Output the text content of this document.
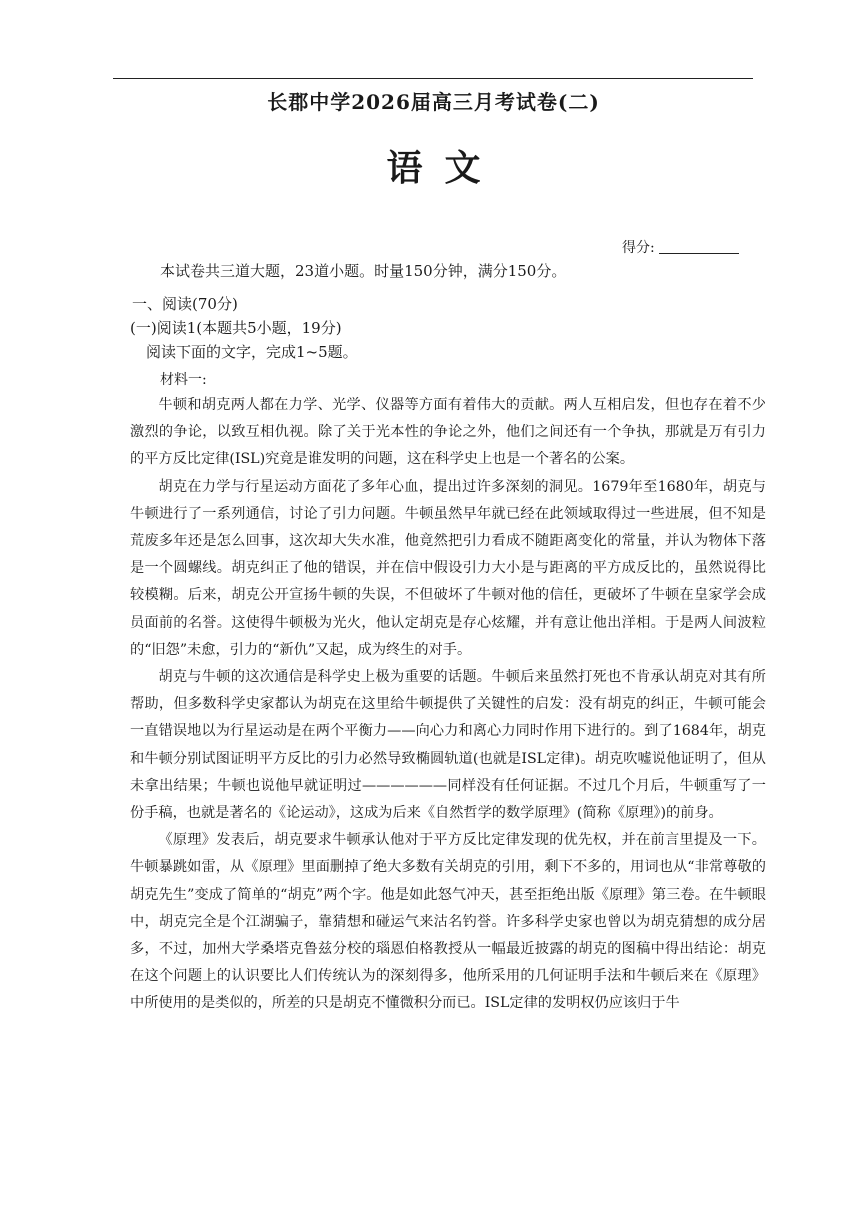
长郡中学2026届高三月考试卷(二)
语文
得分:
本试卷共三道大题，23道小题。时量150分钟，满分150分。
一、阅读(70分)
(一)阅读1(本题共5小题，19分)
阅读下面的文字，完成1~5题。
材料一:

牛顿和胡克两人都在力学、光学、仪器等方面有着伟大的贡献。两人互相启发，但也存在着不少激烈的争论，以致互相仇视。除了关于光本性的争论之外，他们之间还有一个争执，那就是万有引力的平方反比定律(ISL)究竟是谁发明的问题，这在科学史上也是一个著名的公案。

胡克在力学与行星运动方面花了多年心血，提出过许多深刻的洞见。1679年至1680年，胡克与牛顿进行了一系列通信，讨论了引力问题。牛顿虽然早年就已经在此领域取得过一些进展，但不知是荒废多年还是怎么回事，这次却大失水准，他竟然把引力看成不随距离变化的常量，并认为物体下落是一个圆螺线。胡克纠正了他的错误，并在信中假设引力大小是与距离的平方成反比的，虽然说得比较模糊。后来，胡克公开宣扬牛顿的失误，不但破坏了牛顿对他的信任，更破坏了牛顿在皇家学会成员面前的名誉。这使得牛顿极为光火，他认定胡克是存心炫耀，并有意让他出洋相。于是两人间波粒的“旧怨”未愈，引力的“新仇”又起，成为终生的对手。

胡克与牛顿的这次通信是科学史上极为重要的话题。牛顿后来虽然打死也不肯承认胡克对其有所帮助，但多数科学史家都认为胡克在这里给牛顿提供了关键性的启发：没有胡克的纠正，牛顿可能会一直错误地以为行星运动是在两个平衡力——向心力和离心力同时作用下进行的。到了1684年，胡克和牛顿分别试图证明平方反比的引力必然导致椭圆轨道(也就是ISL定律)。胡克吹嘘说他证明了，但从未拿出结果；牛顿也说他早就证明过——————同样没有任何证据。不过几个月后，牛顿重写了一份手稿，也就是著名的《论运动》，这成为后来《自然哲学的数学原理》(简称《原理》)的前身。

《原理》发表后，胡克要求牛顿承认他对于平方反比定律发现的优先权，并在前言里提及一下。牛顿暴跳如雷，从《原理》里面删掉了绝大多数有关胡克的引用，剩下不多的，用词也从“非常尊敬的胡克先生”变成了简单的“胡克”两个字。他是如此怒气冲天，甚至拒绝出版《原理》第三卷。在牛顿眼中，胡克完全是个江湖骗子，靠猜想和碰运气来沽名钓誉。许多科学史家也曾以为胡克猜想的成分居多，不过，加州大学桑塔克鲁兹分校的瑙恩伯格教授从一幅最近披露的胡克的图稿中得出结论：胡克在这个问题上的认识要比人们传统认为的深刻得多，他所采用的几何证明手法和牛顿后来在《原理》中所使用的是类似的，所差的只是胡克不懂微积分而已。ISL定律的发明权仍应该归于牛
